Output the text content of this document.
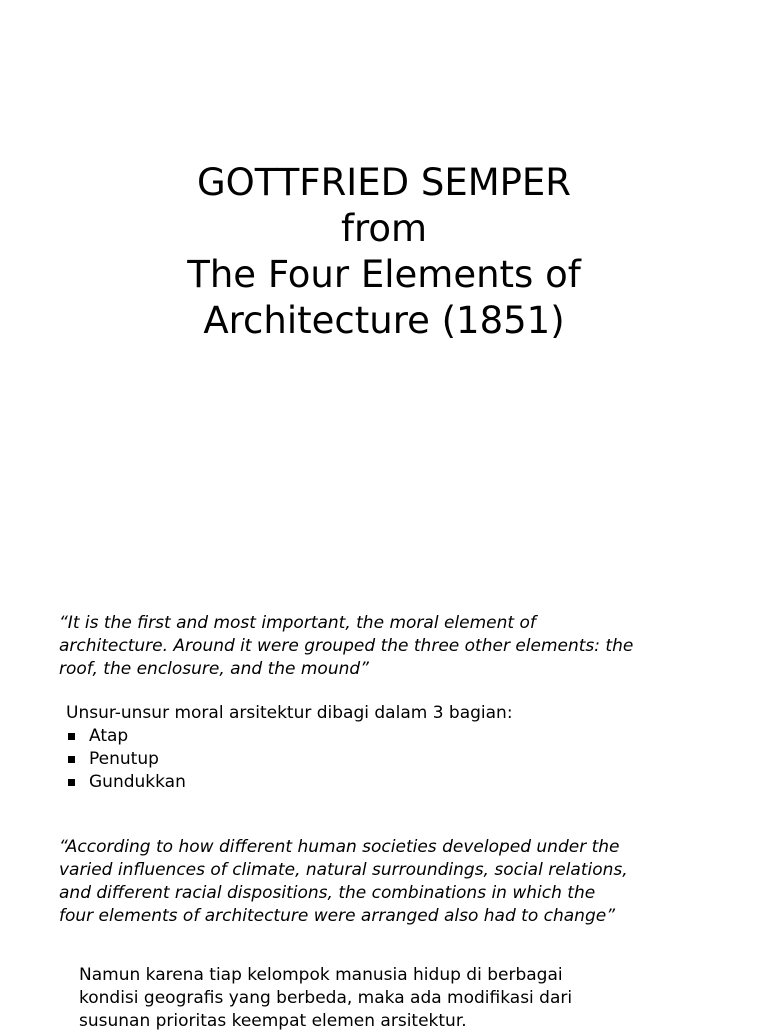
GOTTFRIED SEMPER
from
The Four Elements of
Architecture (1851)
“It is the first and most important, the moral element of
architecture. Around it were grouped the three other elements: the
roof, the enclosure, and the mound”
Unsur-unsur moral arsitektur dibagi dalam 3 bagian:
Atap
Penutup
Gundukkan
“According to how different human societies developed under the
varied influences of climate, natural surroundings, social relations,
and different racial dispositions, the combinations in which the
four elements of architecture were arranged also had to change”
Namun karena tiap kelompok manusia hidup di berbagai
kondisi geografis yang berbeda, maka ada modifikasi dari
susunan prioritas keempat elemen arsitektur.
